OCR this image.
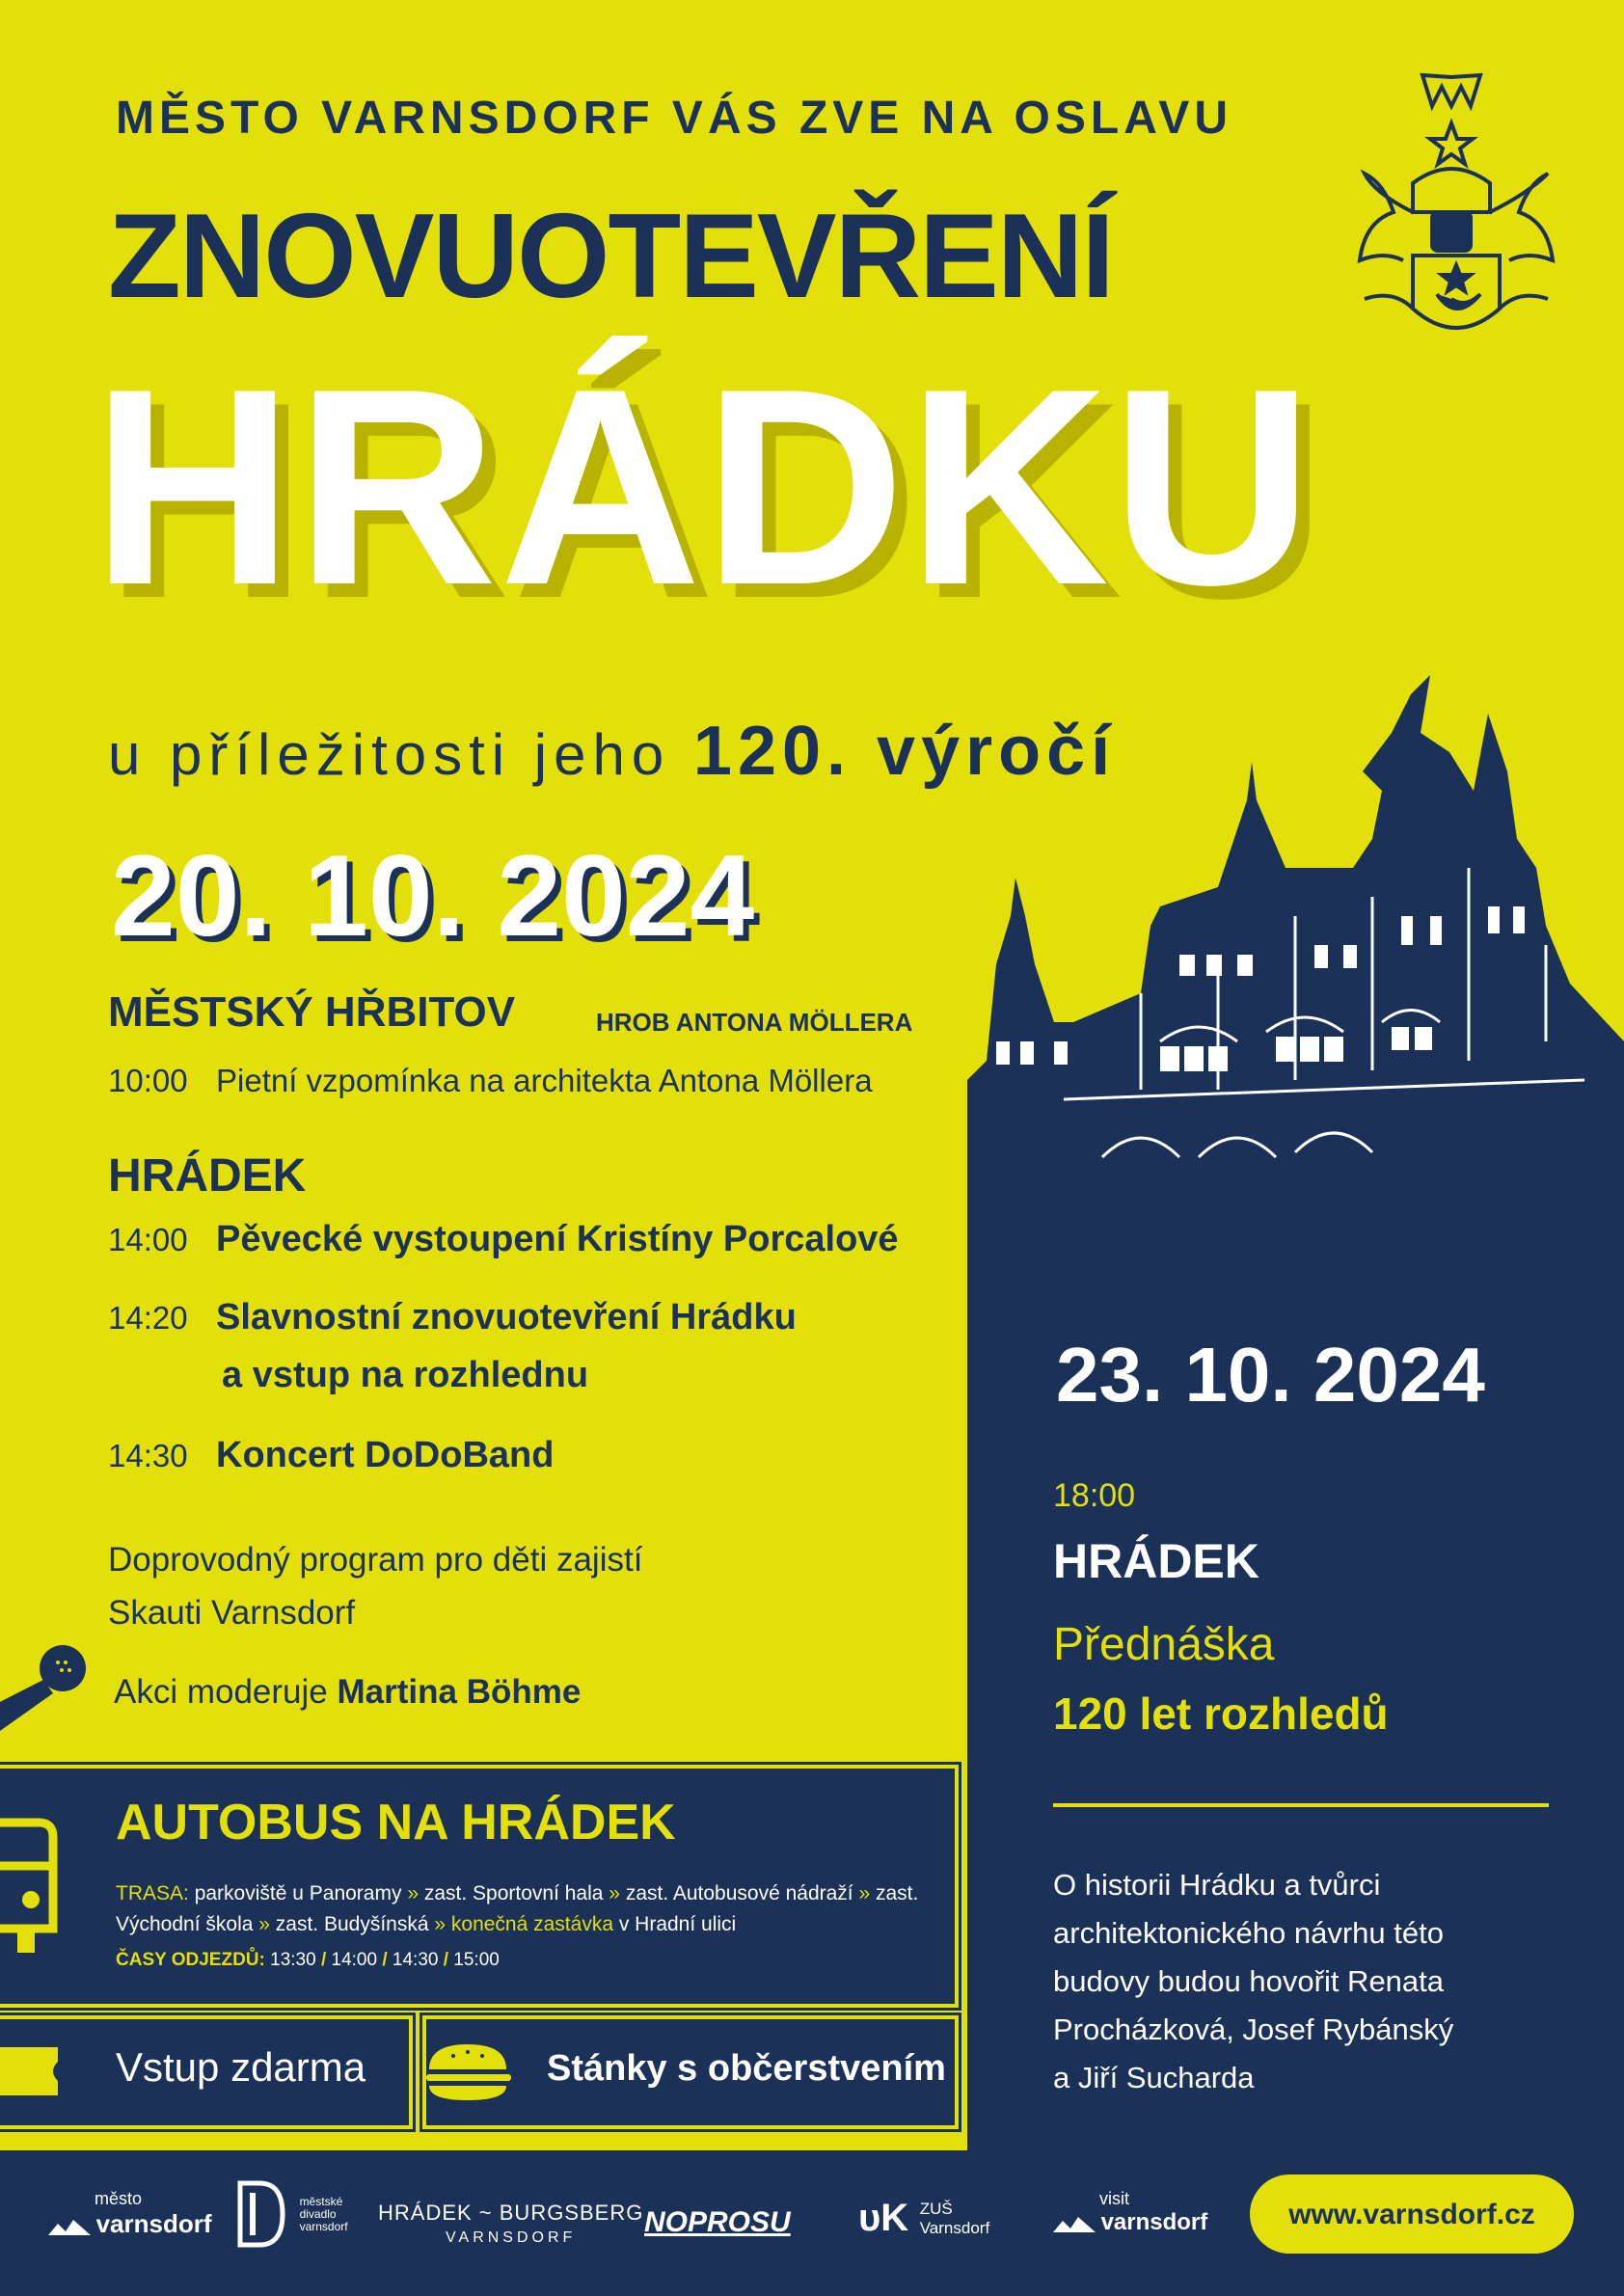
MĚSTO VARNSDORF VÁS ZVE NA OSLAVU
ZNOVUOTEVŘENÍ
HRÁDKU
u příležitosti jeho 120. výročí
20. 10. 2024
MĚSTSKÝ HŘBITOV	HROB ANTONA MÖLLERA
10:00 Pietní vzpomínka na architekta Antona Möllera
HRÁDEK
14:00 Pěvecké vystoupení Kristíny Porcalové
14:20 Slavnostní znovuotevření Hrádku
a vstup na rozhlednu
14:30 Koncert DoDoBand
Doprovodný program pro děti zajistí
Skauti Varnsdorf
Akci moderuje Martina Böhme
AUTOBUS NA HRÁDEK
TRASA: parkoviště u Panoramy » zast. Sportovní hala » zast. Autobusové nádraží » zast. Východní škola » zast. Budyšínská » konečná zastávka v Hradní ulici
ČASY ODJEZDŮ: 13:30 / 14:00 / 14:30 / 15:00
Vstup zdarma	Stánky s občerstvením
23. 10. 2024
18:00
HRÁDEK
Přednáška
120 let rozhledů
O historii Hrádku a tvůrci
architektonického návrhu této
budovy budou hovořit Renata
Procházková, Josef Rybánský
a Jiří Sucharda
město
varnsdorf

městské
divadlo
varnsdorf
HRÁDEK ~ BURGSBERG
VARNSDORF	NOPROSU ᴜK ZUŠ
Varnsdorf
visit
varnsdorf	www.varnsdorf.cz
